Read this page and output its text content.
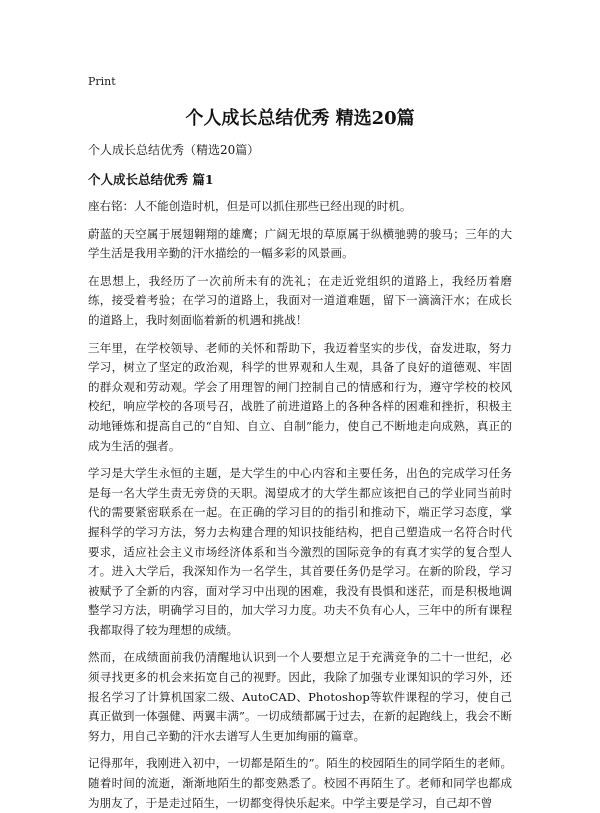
Print
个人成长总结优秀 精选20篇

个人成长总结优秀（精选20篇）

个人成长总结优秀 篇1

座右铭：人不能创造时机，但是可以抓住那些已经出现的时机。

蔚蓝的天空属于展翅翱翔的雄鹰；广阔无垠的草原属于纵横驰骋的骏马；三年的大学生活是我用辛勤的汗水描绘的一幅多彩的风景画。

在思想上，我经历了一次前所未有的洗礼；在走近党组织的道路上，我经历着磨练，接受着考验；在学习的道路上，我面对一道道难题，留下一滴滴汗水；在成长的道路上，我时刻面临着新的机遇和挑战！

三年里，在学校领导、老师的关怀和帮助下，我迈着坚实的步伐，奋发进取，努力学习，树立了坚定的政治观，科学的世界观和人生观，具备了良好的道德观、牢固的群众观和劳动观。学会了用理智的闸门控制自己的情感和行为，遵守学校的校风校纪，响应学校的各项号召，战胜了前进道路上的各种各样的困难和挫折，积极主动地锤炼和提高自己的“自知、自立、自制”能力，使自己不断地走向成熟，真正的成为生活的强者。

学习是大学生永恒的主题，是大学生的中心内容和主要任务，出色的完成学习任务是每一名大学生责无旁贷的天职。渴望成才的大学生都应该把自己的学业同当前时代的需要紧密联系在一起。在正确的学习目的的指引和推动下，端正学习态度，掌握科学的学习方法，努力去构建合理的知识技能结构，把自己塑造成一名符合时代要求，适应社会主义市场经济体系和当今激烈的国际竞争的有真才实学的复合型人才。进入大学后，我深知作为一名学生，其首要任务仍是学习。在新的阶段，学习被赋予了全新的内容，面对学习中出现的困难，我没有畏惧和迷茫，而是积极地调整学习方法，明确学习目的，加大学习力度。功夫不负有心人，三年中的所有课程我都取得了较为理想的成绩。

然而，在成绩面前我仍清醒地认识到一个人要想立足于充满竞争的二十一世纪，必须寻找更多的机会来拓宽自己的视野。因此，我除了加强专业课知识的学习外，还报名学习了计算机国家二级、AutoCAD、Photoshop等软件课程的学习，使自己真正做到一体强健、两翼丰满”。一切成绩都属于过去，在新的起跑线上，我会不断努力，用自己辛勤的汗水去谱写人生更加绚丽的篇章。

记得那年，我刚进入初中，一切都是陌生的”。陌生的校园陌生的同学陌生的老师。随着时间的流逝，渐渐地陌生的都变熟悉了。校园不再陌生了。老师和同学也都成为朋友了，于是走过陌生，一切都变得快乐起来。中学主要是学习，自己却不曾
